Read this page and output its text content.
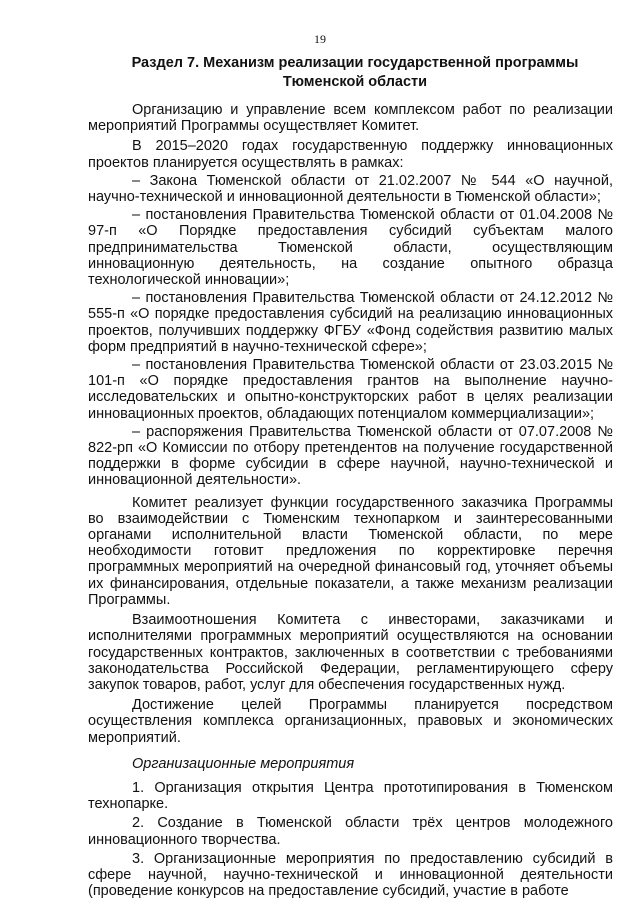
19
Раздел 7. Механизм реализации государственной программы Тюменской области

Организацию и управление всем комплексом работ по реализации мероприятий Программы осуществляет Комитет.

В 2015–2020 годах государственную поддержку инновационных проектов планируется осуществлять в рамках:

– Закона Тюменской области от 21.02.2007 № 544 «О научной, научно-технической и инновационной деятельности в Тюменской области»;

– постановления Правительства Тюменской области от 01.04.2008 № 97-п «О Порядке предоставления субсидий субъектам малого предпринимательства Тюменской области, осуществляющим инновационную деятельность, на создание опытного образца технологической инновации»;

– постановления Правительства Тюменской области от 24.12.2012 № 555-п «О порядке предоставления субсидий на реализацию инновационных проектов, получивших поддержку ФГБУ «Фонд содействия развитию малых форм предприятий в научно-технической сфере»;

– постановления Правительства Тюменской области от 23.03.2015 № 101-п «О порядке предоставления грантов на выполнение научно-исследовательских и опытно-конструкторских работ в целях реализации инновационных проектов, обладающих потенциалом коммерциализации»;

– распоряжения Правительства Тюменской области от 07.07.2008 № 822-рп «О Комиссии по отбору претендентов на получение государственной поддержки в форме субсидии в сфере научной, научно-технической и инновационной деятельности».

Комитет реализует функции государственного заказчика Программы во взаимодействии с Тюменским технопарком и заинтересованными органами исполнительной власти Тюменской области, по мере необходимости готовит предложения по корректировке перечня программных мероприятий на очередной финансовый год, уточняет объемы их финансирования, отдельные показатели, а также механизм реализации Программы.

Взаимоотношения Комитета с инвесторами, заказчиками и исполнителями программных мероприятий осуществляются на основании государственных контрактов, заключенных в соответствии с требованиями законодательства Российской Федерации, регламентирующего сферу закупок товаров, работ, услуг для обеспечения государственных нужд.

Достижение целей Программы планируется посредством осуществления комплекса организационных, правовых и экономических мероприятий.

Организационные мероприятия

1. Организация открытия Центра прототипирования в Тюменском технопарке.

2. Создание в Тюменской области трёх центров молодежного инновационного творчества.

3. Организационные мероприятия по предоставлению субсидий в сфере научной, научно-технической и инновационной деятельности (проведение конкурсов на предоставление субсидий, участие в работе
